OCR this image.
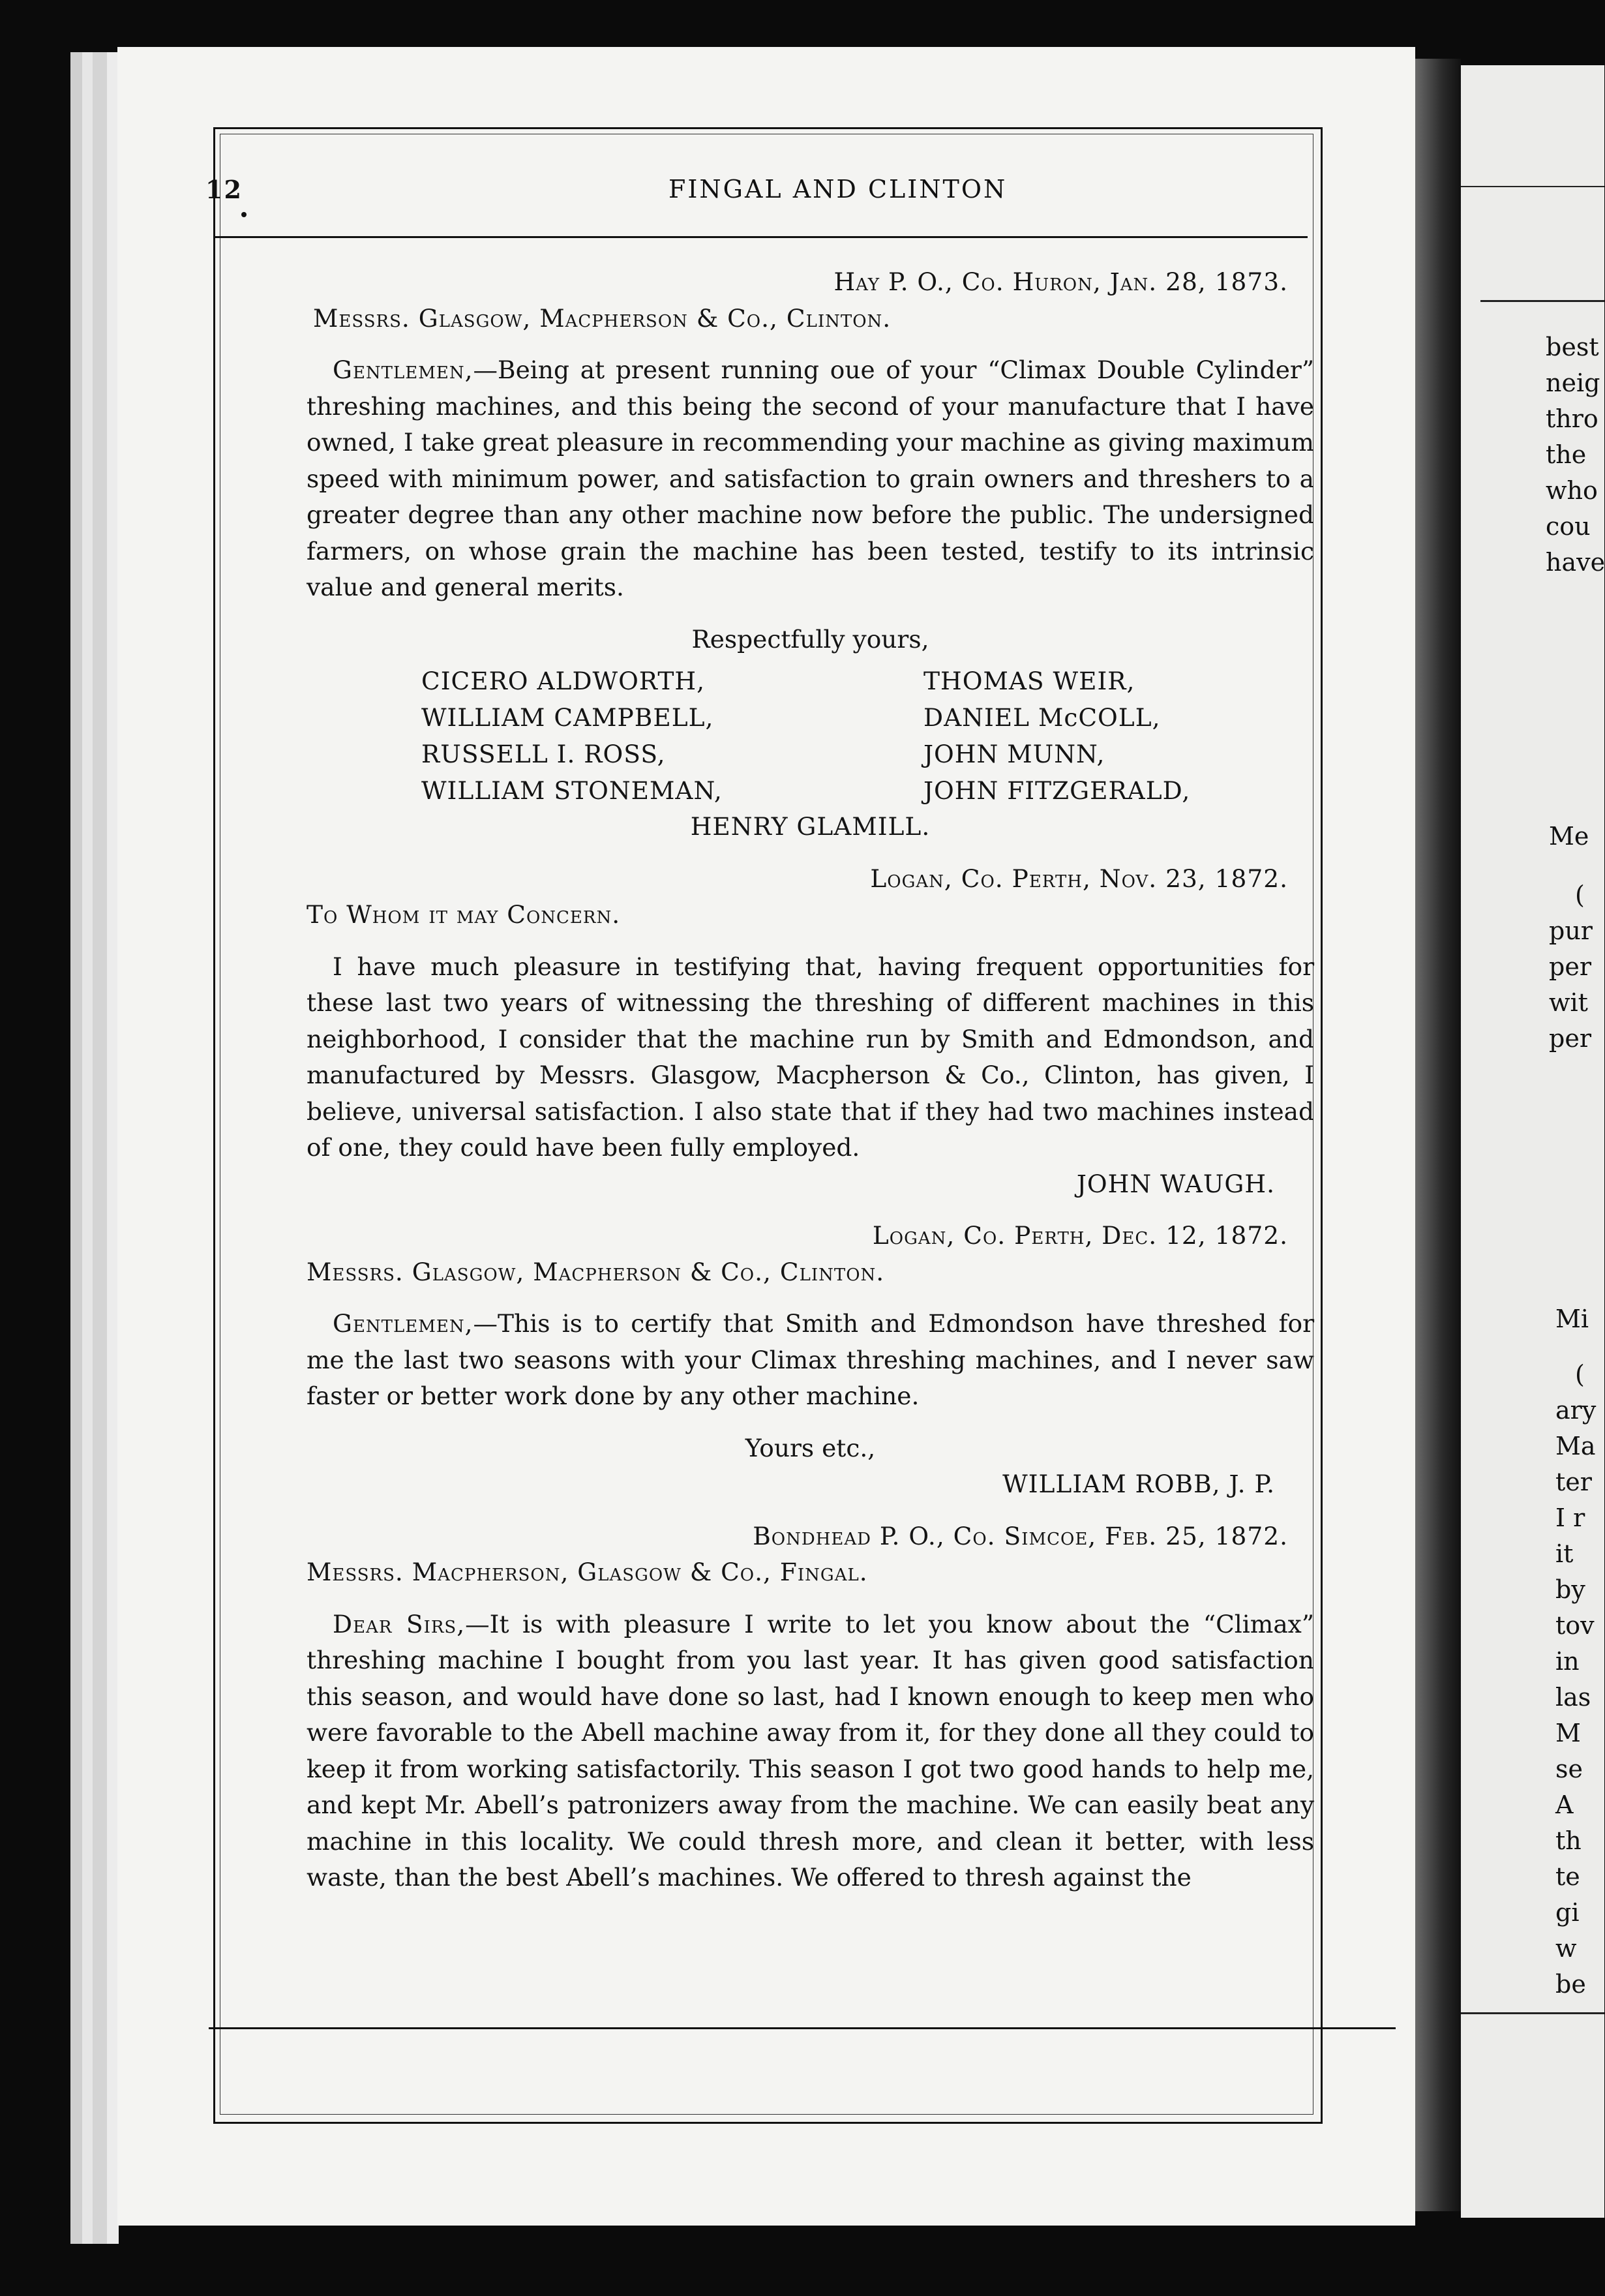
12	FINGAL AND CLINTON

Hay P. O., Co. Huron, Jan. 28, 1873.

Messrs. Glasgow, Macpherson & Co., Clinton.

Gentlemen,—Being at present running oue of your “Climax Double Cylinder” threshing machines, and this being the second of your manufacture that I have owned, I take great pleasure in recommending your machine as giving maximum speed with minimum power, and satisfaction to grain owners and threshers to a greater degree than any other machine now before the public. The undersigned farmers, on whose grain the machine has been tested, testify to its intrinsic value and general merits.

Respectfully yours,

CICERO ALDWORTH,	THOMAS WEIR,
WILLIAM CAMPBELL,	DANIEL McCOLL,
RUSSELL I. ROSS,	JOHN MUNN,
WILLIAM STONEMAN,	JOHN FITZGERALD,

HENRY GLAMILL.

Logan, Co. Perth, Nov. 23, 1872.

To Whom it may Concern.

I have much pleasure in testifying that, having frequent opportunities for these last two years of witnessing the threshing of different machines in this neighborhood, I consider that the machine run by Smith and Edmondson, and manufactured by Messrs. Glasgow, Macpherson & Co., Clinton, has given, I believe, universal satisfaction. I also state that if they had two machines instead of one, they could have been fully employed.

JOHN WAUGH.

Logan, Co. Perth, Dec. 12, 1872.

Messrs. Glasgow, Macpherson & Co., Clinton.

Gentlemen,—This is to certify that Smith and Edmondson have threshed for me the last two seasons with your Climax threshing machines, and I never saw faster or better work done by any other machine.

Yours etc.,

WILLIAM ROBB, J. P.

Bondhead P. O., Co. Simcoe, Feb. 25, 1872.

Messrs. Macpherson, Glasgow & Co., Fingal.

Dear Sirs,—It is with pleasure I write to let you know about the “Climax” threshing machine I bought from you last year. It has given good satisfaction this season, and would have done so last, had I known enough to keep men who were favorable to the Abell machine away from it, for they done all they could to keep it from working satisfactorily. This season I got two good hands to help me, and kept Mr. Abell’s patronizers away from the machine. We can easily beat any machine in this locality. We could thresh more, and clean it better, with less waste, than the best Abell’s machines. We offered to thresh against the

best
neig
thro
the
who
cou
have
Me
(
pur
per
wit
per
Mi
(
ary
Ma
ter
I r
it
by
tov
in
las
M
se
A
th
te
gi
w
be
